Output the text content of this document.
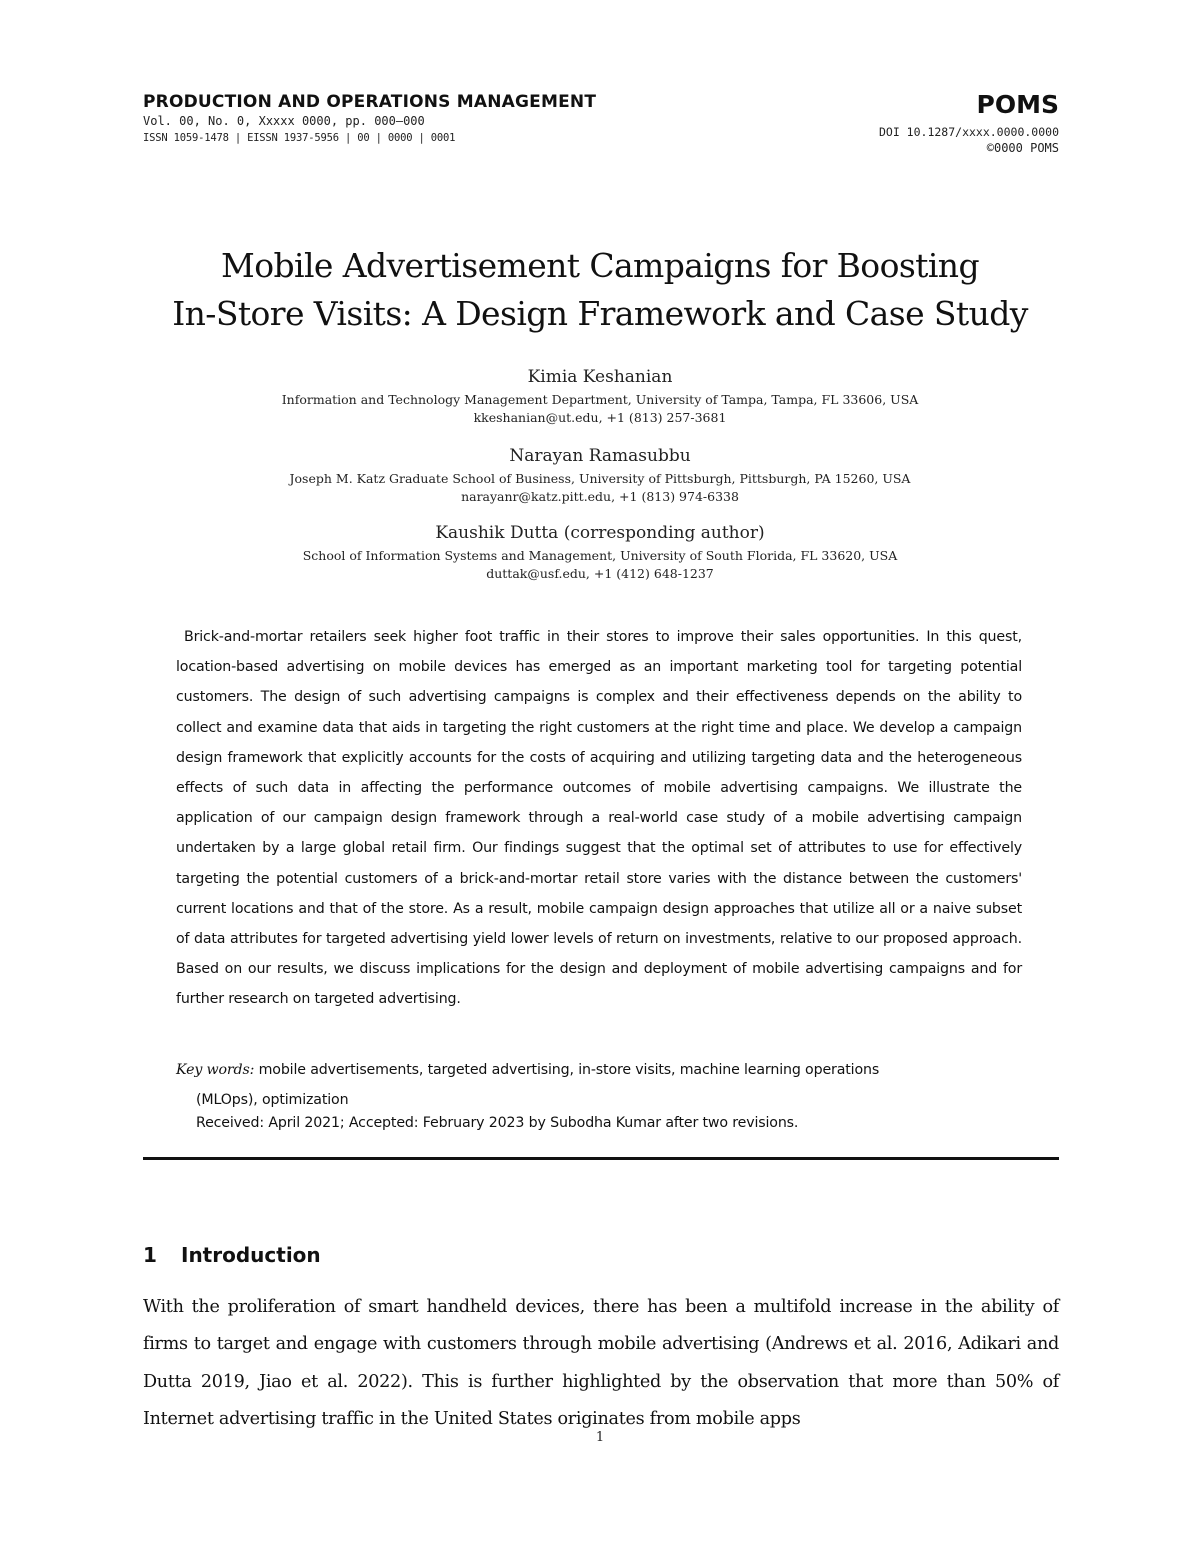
PRODUCTION AND OPERATIONS MANAGEMENT
Vol. 00, No. 0, Xxxxx 0000, pp. 000–000
ISSN 1059-1478 | EISSN 1937-5956 | 00 | 0000 | 0001
POMS
DOI 10.1287/xxxx.0000.0000
©0000 POMS
Mobile Advertisement Campaigns for Boosting
In-Store Visits: A Design Framework and Case Study
Kimia Keshanian
Information and Technology Management Department, University of Tampa, Tampa, FL 33606, USA
kkeshanian@ut.edu, +1 (813) 257-3681
Narayan Ramasubbu
Joseph M. Katz Graduate School of Business, University of Pittsburgh, Pittsburgh, PA 15260, USA
narayanr@katz.pitt.edu, +1 (813) 974-6338
Kaushik Dutta (corresponding author)
School of Information Systems and Management, University of South Florida, FL 33620, USA
duttak@usf.edu, +1 (412) 648-1237

Brick-and-mortar retailers seek higher foot traffic in their stores to improve their sales opportunities. In this quest, location-based advertising on mobile devices has emerged as an important marketing tool for targeting potential customers. The design of such advertising campaigns is complex and their effectiveness depends on the ability to collect and examine data that aids in targeting the right customers at the right time and place. We develop a campaign design framework that explicitly accounts for the costs of acquiring and utilizing targeting data and the heterogeneous effects of such data in affecting the performance outcomes of mobile advertising campaigns. We illustrate the application of our campaign design framework through a real-world case study of a mobile advertising campaign undertaken by a large global retail firm. Our findings suggest that the optimal set of attributes to use for effectively targeting the potential customers of a brick-and-mortar retail store varies with the distance between the customers' current locations and that of the store. As a result, mobile campaign design approaches that utilize all or a naive subset of data attributes for targeted advertising yield lower levels of return on investments, relative to our proposed approach. Based on our results, we discuss implications for the design and deployment of mobile advertising campaigns and for further research on targeted advertising.

Key words: mobile advertisements, targeted advertising, in-store visits, machine learning operations
(MLOps), optimization
Received: April 2021; Accepted: February 2023 by Subodha Kumar after two revisions.
1 Introduction

With the proliferation of smart handheld devices, there has been a multifold increase in the ability of firms to target and engage with customers through mobile advertising (Andrews et al. 2016, Adikari and Dutta 2019, Jiao et al. 2022). This is further highlighted by the observation that more than 50% of Internet advertising traffic in the United States originates from mobile apps

1
